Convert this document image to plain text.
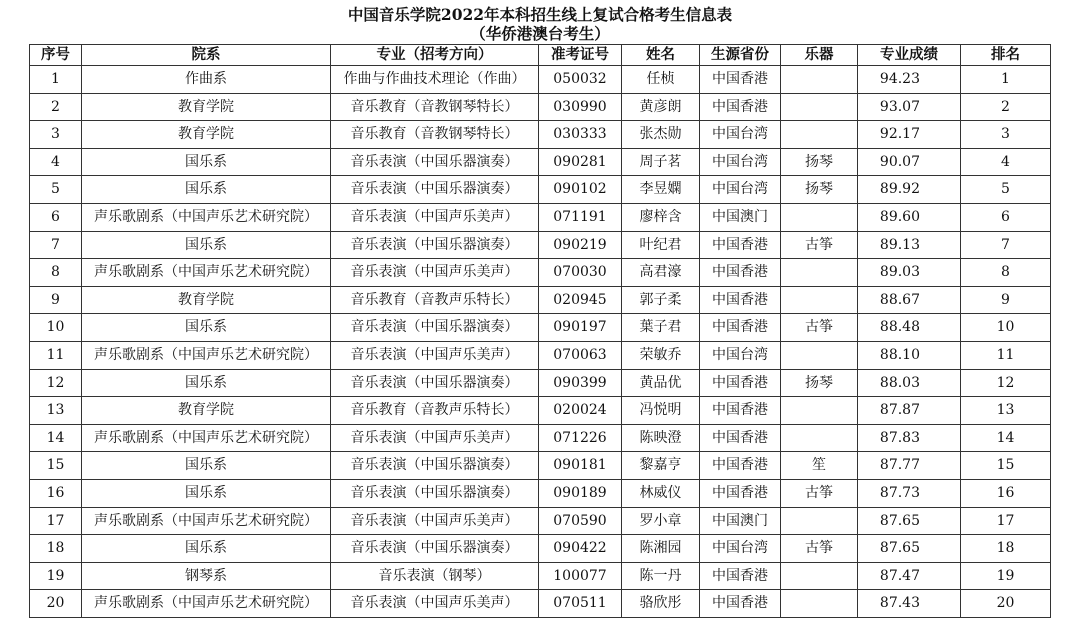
中国音乐学院2022年本科招生线上复试合格考生信息表
（华侨港澳台考生）
序号	院系	专业（招考方向）	准考证号	姓名	生源省份	乐器	专业成绩	排名
1	作曲系	作曲与作曲技术理论（作曲）	050032	任桢	中国香港		94.23	1
2	教育学院	音乐教育（音教钢琴特长）	030990	黄彦朗	中国香港		93.07	2
3	教育学院	音乐教育（音教钢琴特长）	030333	张杰勋	中国台湾		92.17	3
4	国乐系	音乐表演（中国乐器演奏）	090281	周子茗	中国台湾	扬琴	90.07	4
5	国乐系	音乐表演（中国乐器演奏）	090102	李昱嫻	中国台湾	扬琴	89.92	5
6	声乐歌剧系（中国声乐艺术研究院）	音乐表演（中国声乐美声）	071191	廖梓含	中国澳门		89.60	6
7	国乐系	音乐表演（中国乐器演奏）	090219	叶纪君	中国香港	古筝	89.13	7
8	声乐歌剧系（中国声乐艺术研究院）	音乐表演（中国声乐美声）	070030	高君濠	中国香港		89.03	8
9	教育学院	音乐教育（音教声乐特长）	020945	郭子柔	中国香港		88.67	9
10	国乐系	音乐表演（中国乐器演奏）	090197	葉子君	中国香港	古筝	88.48	10
11	声乐歌剧系（中国声乐艺术研究院）	音乐表演（中国声乐美声）	070063	荣敏乔	中国台湾		88.10	11
12	国乐系	音乐表演（中国乐器演奏）	090399	黄品优	中国香港	扬琴	88.03	12
13	教育学院	音乐教育（音教声乐特长）	020024	冯悦明	中国香港		87.87	13
14	声乐歌剧系（中国声乐艺术研究院）	音乐表演（中国声乐美声）	071226	陈映澄	中国香港		87.83	14
15	国乐系	音乐表演（中国乐器演奏）	090181	黎嘉亨	中国香港	笙	87.77	15
16	国乐系	音乐表演（中国乐器演奏）	090189	林威仪	中国香港	古筝	87.73	16
17	声乐歌剧系（中国声乐艺术研究院）	音乐表演（中国声乐美声）	070590	罗小章	中国澳门		87.65	17
18	国乐系	音乐表演（中国乐器演奏）	090422	陈湘园	中国台湾	古筝	87.65	18
19	钢琴系	音乐表演（钢琴）	100077	陈一丹	中国香港		87.47	19
20	声乐歌剧系（中国声乐艺术研究院）	音乐表演（中国声乐美声）	070511	骆欣彤	中国香港		87.43	20
